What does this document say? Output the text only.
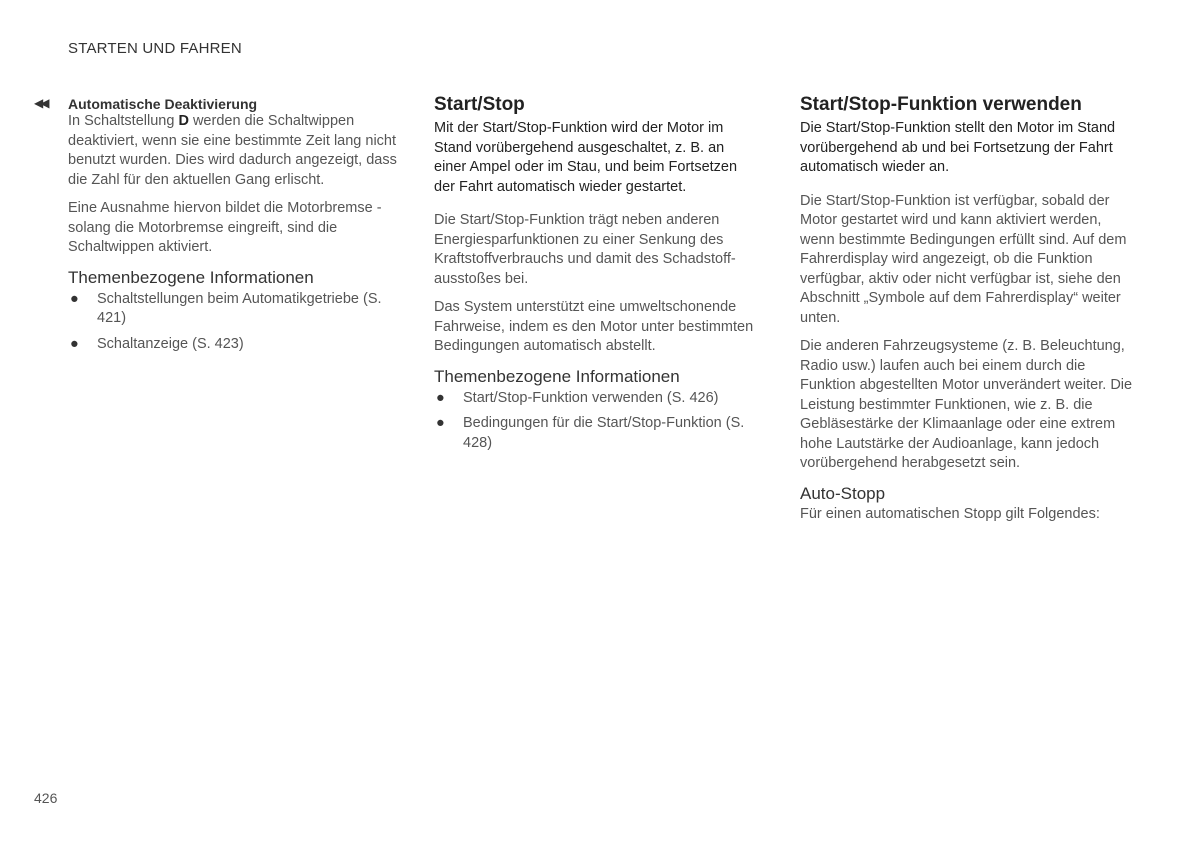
STARTEN UND FAHREN
◀◀ Automatische Deaktivierung

In Schaltstellung D werden die Schaltwippen deaktiviert, wenn sie eine bestimmte Zeit lang nicht benutzt wurden. Dies wird dadurch angezeigt, dass die Zahl für den aktuellen Gang erlischt.

Eine Ausnahme hiervon bildet die Motorbremse - solang die Motorbremse eingreift, sind die Schaltwippen aktiviert.

Themenbezogene Informationen
● Schaltstellungen beim Automatikgetriebe (S. 421)
● Schaltanzeige (S. 423)
Start/Stop

Mit der Start/Stop-Funktion wird der Motor im Stand vorübergehend ausgeschaltet, z. B. an einer Ampel oder im Stau, und beim Fortsetzen der Fahrt automatisch wieder gestartet.

Die Start/Stop-Funktion trägt neben anderen Energiesparfunktionen zu einer Senkung des Kraftstoffverbrauchs und damit des Schadstoffausstoßes bei.

Das System unterstützt eine umweltschonende Fahrweise, indem es den Motor unter bestimmten Bedingungen automatisch abstellt.

Themenbezogene Informationen
● Start/Stop-Funktion verwenden (S. 426)
● Bedingungen für die Start/Stop-Funktion (S. 428)
Start/Stop-Funktion verwenden

Die Start/Stop-Funktion stellt den Motor im Stand vorübergehend ab und bei Fortsetzung der Fahrt automatisch wieder an.

Die Start/Stop-Funktion ist verfügbar, sobald der Motor gestartet wird und kann aktiviert werden, wenn bestimmte Bedingungen erfüllt sind. Auf dem Fahrerdisplay wird angezeigt, ob die Funktion verfügbar, aktiv oder nicht verfügbar ist, siehe den Abschnitt „Symbole auf dem Fahrerdisplay“ weiter unten.

Die anderen Fahrzeugsysteme (z. B. Beleuchtung, Radio usw.) laufen auch bei einem durch die Funktion abgestellten Motor unverändert weiter. Die Leistung bestimmter Funktionen, wie z. B. die Gebläsestärke der Klimaanlage oder eine extrem hohe Lautstärke der Audioanlage, kann jedoch vorübergehend herabgesetzt sein.

Auto-Stopp

Für einen automatischen Stopp gilt Folgendes:

426
